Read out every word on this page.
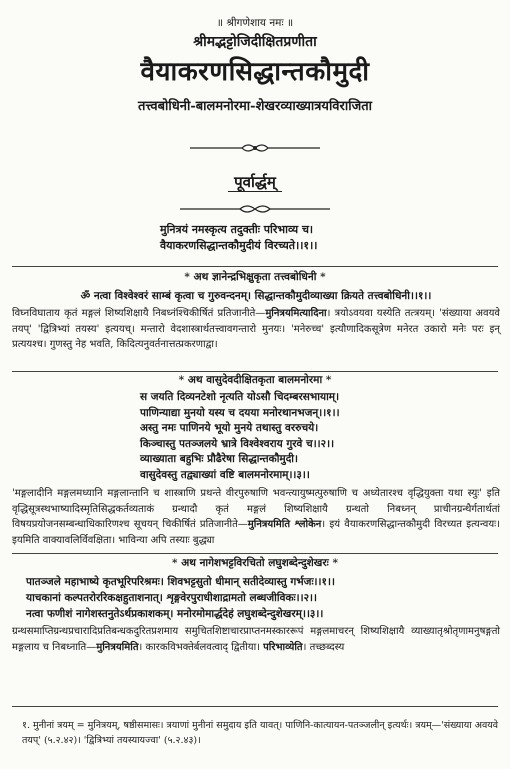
॥ श्रीगणेशाय नमः ॥
श्रीमद्भट्टोजिदीक्षितप्रणीता
वैयाकरणसिद्धान्तकौमुदी
तत्त्वबोधिनी-बालमनोरमा-शेखरव्याख्यात्रयविराजिता
पूर्वार्द्धम्
मुनित्रयं नमस्कृत्य तदुक्तीः परिभाव्य च।
वैयाकरणसिद्धान्तकौमुदीयं विरच्यते।।१।।
* अथ ज्ञानेन्द्रभिक्षुकृता तत्त्वबोधिनी *
ॐ नत्वा विश्वेश्वरं साम्बं कृत्वा च गुरुवन्दनम्। सिद्धान्तकौमुदीव्याख्या क्रियते तत्त्वबोधिनी।।१।।

विघ्नविघाताय कृतं मङ्गलं शिष्यशिक्षायै निबध्नंश्चिकीर्षितं प्रतिजानीते—मुनित्रयमित्यादिना। त्रयोऽवयवा यस्येति तत्त्रयम्। 'संख्याया अवयवे तयप्' 'द्वित्रिभ्यां तयस्य' इत्ययच्। मन्तारो वेदशास्त्रार्थतत्त्वावगन्तारो मुनयः। 'मनेरुच्च' इत्यौणादिकसूत्रेण मनेरत उकारो मनेः परः इन् प्रत्ययश्च। गुणस्तु नेह भवति, किदित्यनुवर्तनात्तत्प्रकरणाद्वा।

* अथ वासुदेवदीक्षितकृता बालमनोरमा *
स जयति दिव्यनटेशो नृत्यति योऽसौ चिदम्बरसभायाम्।
पाणिन्याद्या मुनयो यस्य च दयया मनोरथानभजन्।।१।।
अस्तु नमः पाणिनये भूयो मुनये तथास्तु वररुचये।
किञ्चास्तु पतञ्जलये भ्रात्रे विश्वेश्वराय गुरवे च।।२।।
व्याख्याता बहुभिः प्रौढैरेषा सिद्धान्तकौमुदी।
वासुदेवस्तु तद्व्याख्यां वष्टि बालमनोरमाम्।।३।।

'मङ्गलादीनि मङ्गलमध्यानि मङ्गलान्तानि च शास्त्राणि प्रथन्ते वीरपुरुषाणि भवन्त्यायुष्मत्पुरुषाणि च अध्येतारश्च वृद्धियुक्ता यथा स्युः' इति वृद्धिसूत्रस्थभाष्यादिस्मृतिसिद्धकर्तव्यताकं ग्रन्थादौ कृतं मङ्गलं शिष्यशिक्षायै ग्रन्थतो निबध्नन् प्राचीनग्रन्थैर्गतार्थतां विषयप्रयोजनसम्बन्धाधिकारिणश्च सूचयन् चिकीर्षितं प्रतिजानीते—मुनित्रयमिति श्लोकेन। इयं वैयाकरणसिद्धान्तकौमुदी विरच्यत इत्यन्वयः। इयमिति वाक्यावलिर्विवक्षिता। भाविन्या अपि तस्याः बुद्ध्या

* अथ नागेशभट्टविरचितो लघुशब्देन्दुशेखरः *
पातञ्जले महाभाष्ये कृतभूरिपरिश्रमः। शिवभट्टसुतो धीमान् सतीदेव्यास्तु गर्भजः।।१।।
याचकानां कल्पतरोररिकक्षहुताशनात्। शृङ्गवेरपुराधीशाद्रामतो लब्धजीविकः।।२।।
नत्वा फणीशं नागेशस्तनुतेऽर्थप्रकाशकम्। मनोरमोमार्द्धदेहं लघुशब्देन्दुशेखरम्।।३।।

ग्रन्थसमाप्तिग्रन्थप्रचारादिप्रतिबन्धकदुरितप्रशमाय समुचितशिष्टाचारप्राप्तनमस्काररूपं मङ्गलमाचरन् शिष्यशिक्षायै व्याख्यातृश्रोतृणामनुषङ्गतो मङ्गलाय च निबध्नाति—मुनित्रयमिति। कारकविभक्तेर्बलवत्वाद् द्वितीया। परिभाव्येति। तच्छब्दस्य

१. मुनीनां त्रयम् = मुनित्रयम्, षष्ठीसमासः। त्रयाणां मुनीनां समुदाय इति यावत्। पाणिनि-कात्यायन-पतञ्जलीन् इत्यर्थः। त्रयम्—'संख्याया अवयवे तयप्' (५.२.४२)। 'द्वित्रिभ्यां तयस्यायज्वा' (५.२.४३)।
